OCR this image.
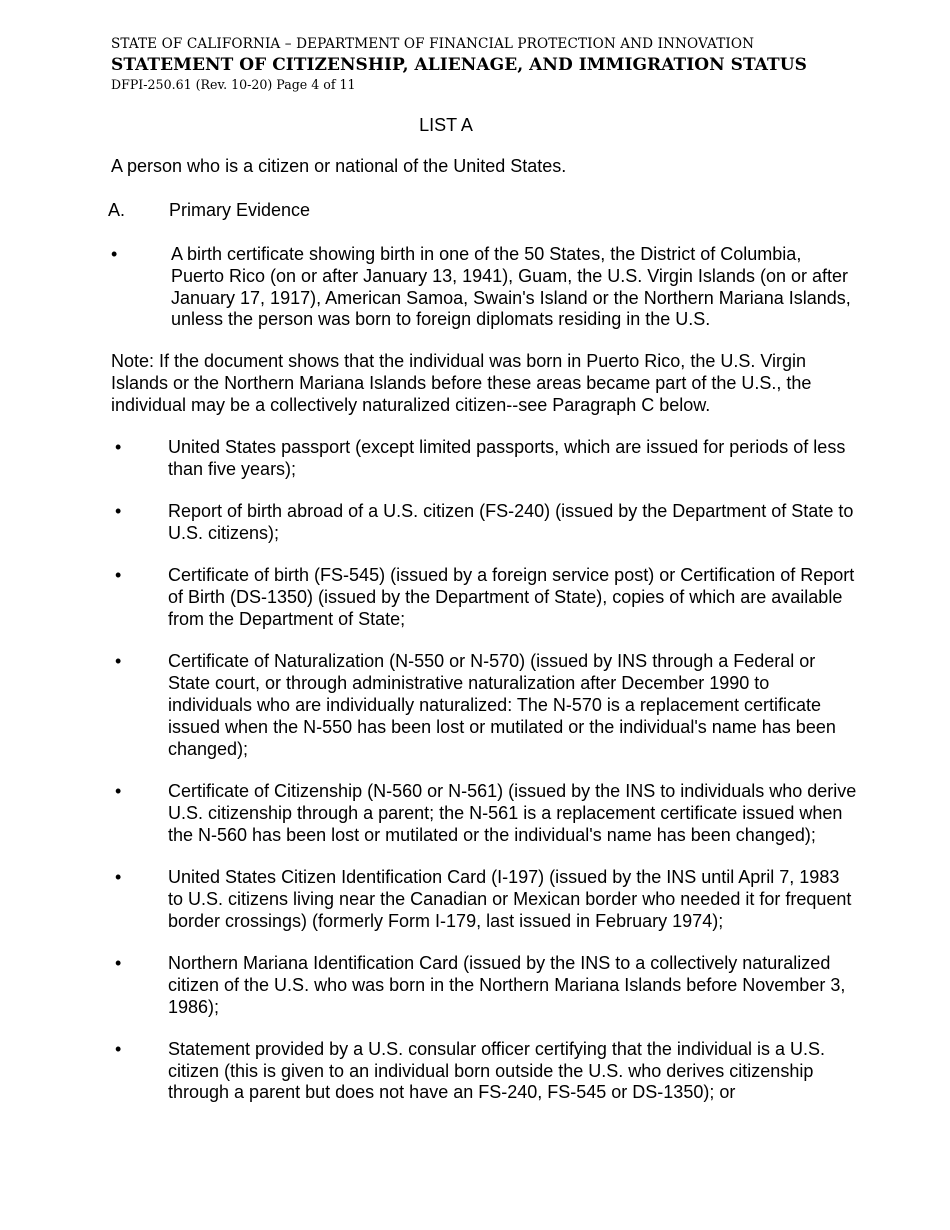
STATE OF CALIFORNIA – DEPARTMENT OF FINANCIAL PROTECTION AND INNOVATION
STATEMENT OF CITIZENSHIP, ALIENAGE, AND IMMIGRATION STATUS
DFPI-250.61 (Rev. 10-20) Page 4 of 11
LIST A
A person who is a citizen or national of the United States.
A. Primary Evidence
•	A birth certificate showing birth in one of the 50 States, the District of Columbia, Puerto Rico (on or after January 13, 1941), Guam, the U.S. Virgin Islands (on or after January 17, 1917), American Samoa, Swain's Island or the Northern Mariana Islands, unless the person was born to foreign diplomats residing in the U.S.
Note: If the document shows that the individual was born in Puerto Rico, the U.S. Virgin Islands or the Northern Mariana Islands before these areas became part of the U.S., the individual may be a collectively naturalized citizen--see Paragraph C below.
•	United States passport (except limited passports, which are issued for periods of less than five years);
•	Report of birth abroad of a U.S. citizen (FS-240) (issued by the Department of State to U.S. citizens);
•	Certificate of birth (FS-545) (issued by a foreign service post) or Certification of Report of Birth (DS-1350) (issued by the Department of State), copies of which are available from the Department of State;
•	Certificate of Naturalization (N-550 or N-570) (issued by INS through a Federal or State court, or through administrative naturalization after December 1990 to individuals who are individually naturalized: The N-570 is a replacement certificate issued when the N-550 has been lost or mutilated or the individual's name has been changed);
•	Certificate of Citizenship (N-560 or N-561) (issued by the INS to individuals who derive U.S. citizenship through a parent; the N-561 is a replacement certificate issued when the N-560 has been lost or mutilated or the individual's name has been changed);
•	United States Citizen Identification Card (I-197) (issued by the INS until April 7, 1983 to U.S. citizens living near the Canadian or Mexican border who needed it for frequent border crossings) (formerly Form I-179, last issued in February 1974);
•	Northern Mariana Identification Card (issued by the INS to a collectively naturalized citizen of the U.S. who was born in the Northern Mariana Islands before November 3, 1986);
•	Statement provided by a U.S. consular officer certifying that the individual is a U.S. citizen (this is given to an individual born outside the U.S. who derives citizenship through a parent but does not have an FS-240, FS-545 or DS-1350); or
